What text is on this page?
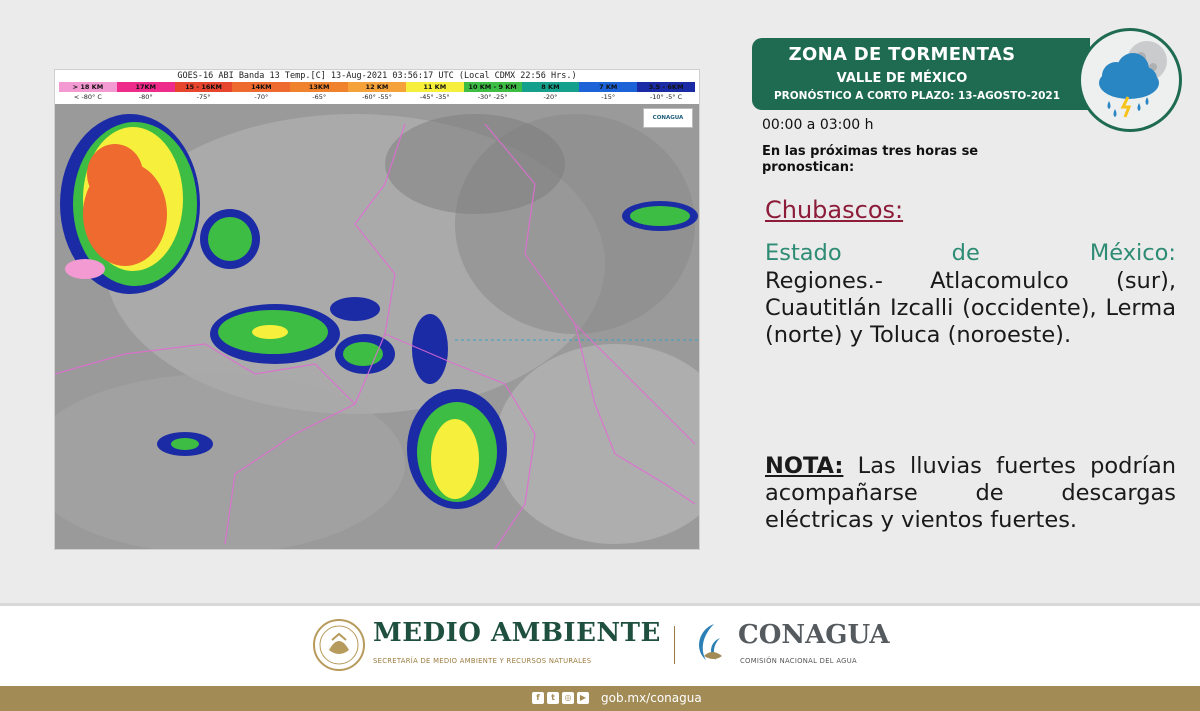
GOES-16 ABI Banda 13 Temp.[C] 13-Aug-2021 03:56:17 UTC (Local CDMX 22:56 Hrs.)
> 18 KM
< -80° C
17KM
-80°
15 - 16KM
-75°
14KM
-70°
13KM
-65°
12 KM
-60° -55°
11 KM
-45° -35°
10 KM - 9 KM
-30° -25°
8 KM
-20°
7 KM
-15°
3.5 - 6KM
-10° -5° C
CONAGUA
ZONA DE TORMENTAS
VALLE DE MÉXICO
PRONÓSTICO A CORTO PLAZO: 13-AGOSTO-2021
00:00 a 03:00 h
En las próximas tres horas se pronostican:
Chubascos:
Estado de México:
Regiones.- Atlacomulco (sur), Cuautitlán Izcalli (occidente), Lerma (norte) y Toluca (noroeste).
NOTA: Las lluvias fuertes podrían acompañarse de descargas eléctricas y vientos fuertes.
MEDIO AMBIENTE
SECRETARÍA DE MEDIO AMBIENTE Y RECURSOS NATURALES
CONAGUA
COMISIÓN NACIONAL DEL AGUA
f	t	◎	▶ gob.mx/conagua
